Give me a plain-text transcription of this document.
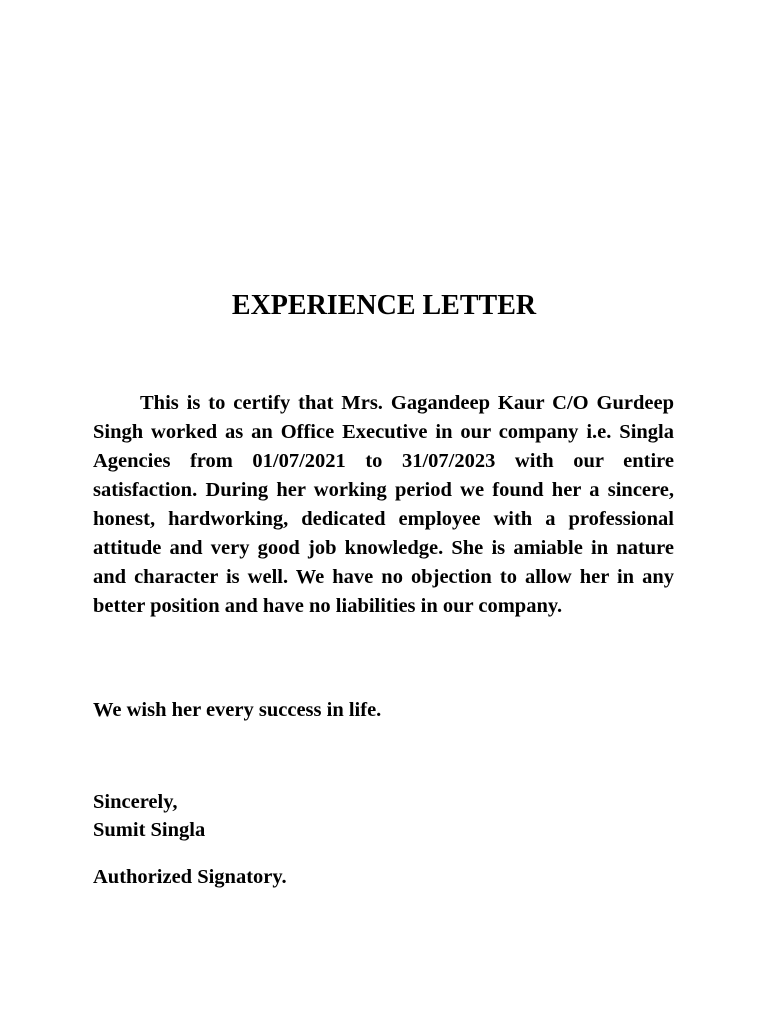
EXPERIENCE LETTER

This is to certify that Mrs. Gagandeep Kaur C/O Gurdeep Singh worked as an Office Executive in our company i.e. Singla Agencies from 01/07/2021 to 31/07/2023 with our entire satisfaction. During her working period we found her a sincere, honest, hardworking, dedicated employee with a professional attitude and very good job knowledge. She is amiable in nature and character is well. We have no objection to allow her in any better position and have no liabilities in our company.

We wish her every success in life.

Sincerely,
Sumit Singla

Authorized Signatory.
